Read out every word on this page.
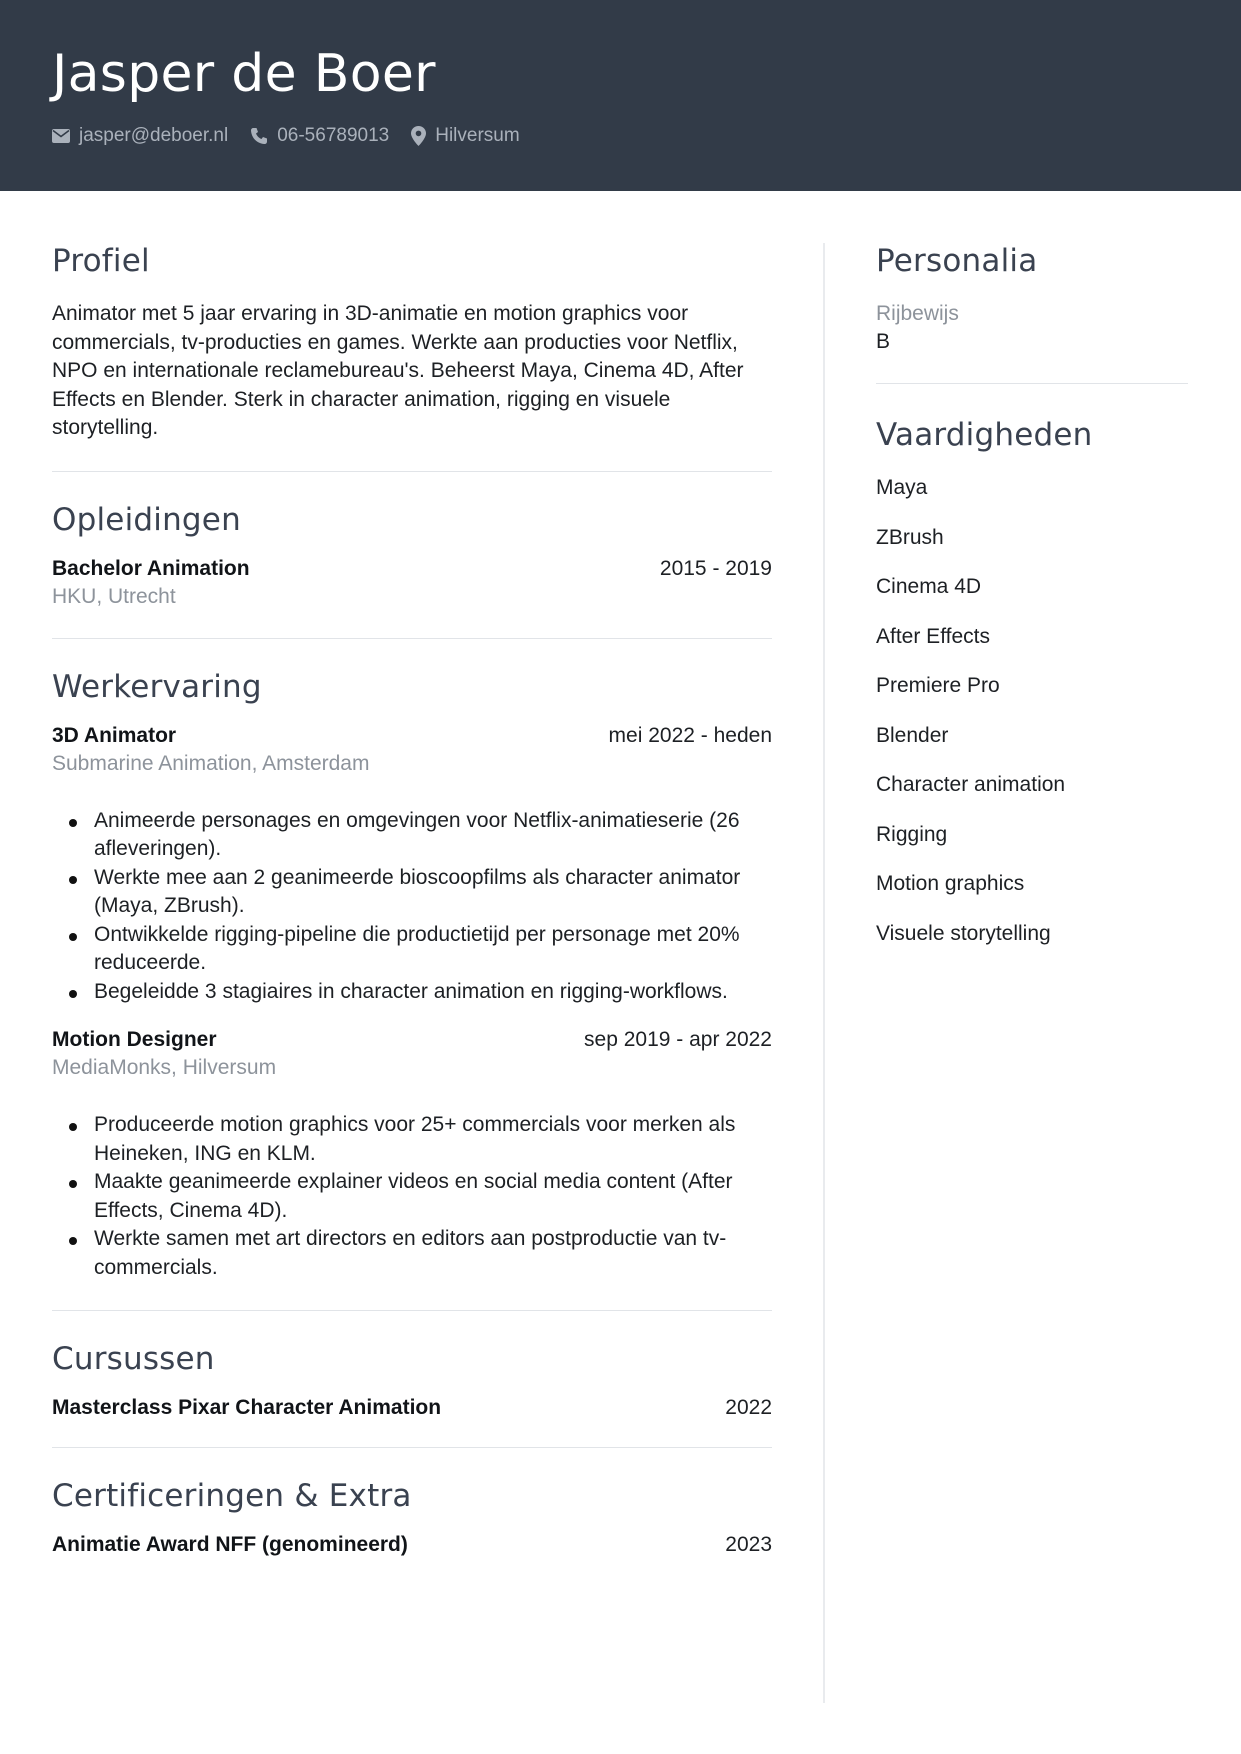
Jasper de Boer
jasper@deboer.nl	06-56789013 Hilversum
Profiel
Animator met 5 jaar ervaring in 3D-animatie en motion graphics voor commercials, tv-producties en games. Werkte aan producties voor Netflix, NPO en internationale reclamebureau's. Beheerst Maya, Cinema 4D, After Effects en Blender. Sterk in character animation, rigging en visuele storytelling.
Opleidingen
Bachelor Animation	2015 - 2019
HKU, Utrecht
Werkervaring
3D Animator	mei 2022 - heden
Submarine Animation, Amsterdam
Animeerde personages en omgevingen voor Netflix-animatieserie (26 afleveringen).
Werkte mee aan 2 geanimeerde bioscoopfilms als character animator (Maya, ZBrush).
Ontwikkelde rigging-pipeline die productietijd per personage met 20% reduceerde.
Begeleidde 3 stagiaires in character animation en rigging-workflows.
Motion Designer	sep 2019 - apr 2022
MediaMonks, Hilversum
Produceerde motion graphics voor 25+ commercials voor merken als Heineken, ING en KLM.
Maakte geanimeerde explainer videos en social media content (After Effects, Cinema 4D).
Werkte samen met art directors en editors aan postproductie van tv-commercials.
Cursussen
Masterclass Pixar Character Animation	2022
Certificeringen & Extra
Animatie Award NFF (genomineerd)	2023
Personalia
Rijbewijs
B
Vaardigheden
Maya
ZBrush
Cinema 4D
After Effects
Premiere Pro
Blender
Character animation
Rigging
Motion graphics
Visuele storytelling
